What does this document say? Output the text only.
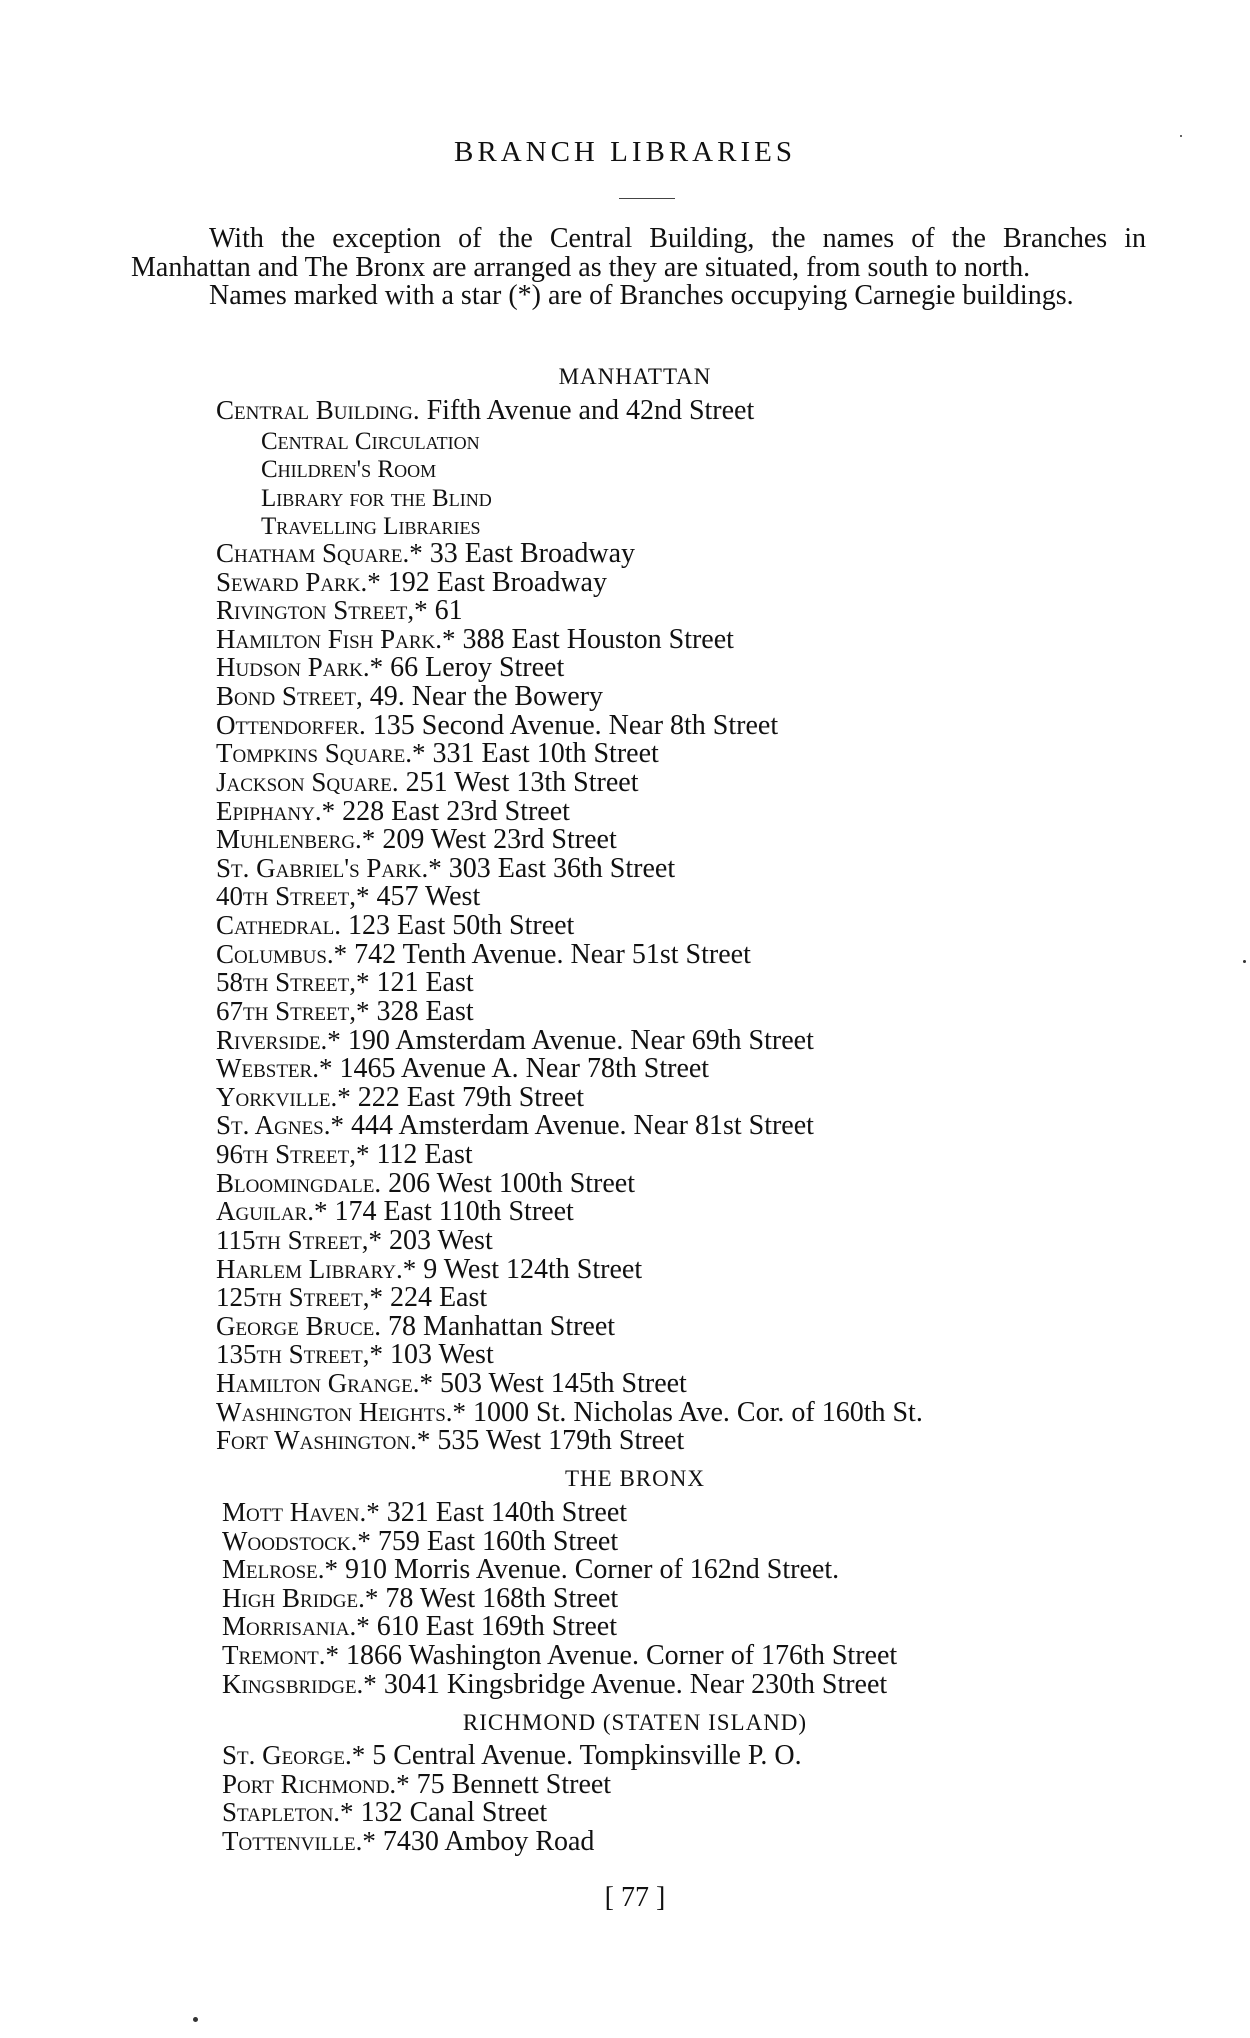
BRANCH LIBRARIES

With the exception of the Central Building, the names of the Branches in Manhattan and The Bronx are arranged as they are situated, from south to north.

Names marked with a star (*) are of Branches occupying Carnegie buildings.

MANHATTAN
Central Building. Fifth Avenue and 42nd Street
Central Circulation
Children's Room
Library for the Blind
Travelling Libraries
Chatham Square.* 33 East Broadway
Seward Park.* 192 East Broadway
Rivington Street,* 61
Hamilton Fish Park.* 388 East Houston Street
Hudson Park.* 66 Leroy Street
Bond Street, 49. Near the Bowery
Ottendorfer. 135 Second Avenue. Near 8th Street
Tompkins Square.* 331 East 10th Street
Jackson Square. 251 West 13th Street
Epiphany.* 228 East 23rd Street
Muhlenberg.* 209 West 23rd Street
St. Gabriel's Park.* 303 East 36th Street
40th Street,* 457 West
Cathedral. 123 East 50th Street
Columbus.* 742 Tenth Avenue. Near 51st Street
58th Street,* 121 East
67th Street,* 328 East
Riverside.* 190 Amsterdam Avenue. Near 69th Street
Webster.* 1465 Avenue A. Near 78th Street
Yorkville.* 222 East 79th Street
St. Agnes.* 444 Amsterdam Avenue. Near 81st Street
96th Street,* 112 East
Bloomingdale. 206 West 100th Street
Aguilar.* 174 East 110th Street
115th Street,* 203 West
Harlem Library.* 9 West 124th Street
125th Street,* 224 East
George Bruce. 78 Manhattan Street
135th Street,* 103 West
Hamilton Grange.* 503 West 145th Street
Washington Heights.* 1000 St. Nicholas Ave. Cor. of 160th St.
Fort Washington.* 535 West 179th Street
THE BRONX
Mott Haven.* 321 East 140th Street
Woodstock.* 759 East 160th Street
Melrose.* 910 Morris Avenue. Corner of 162nd Street.
High Bridge.* 78 West 168th Street
Morrisania.* 610 East 169th Street
Tremont.* 1866 Washington Avenue. Corner of 176th Street
Kingsbridge.* 3041 Kingsbridge Avenue. Near 230th Street
RICHMOND (STATEN ISLAND)
St. George.* 5 Central Avenue. Tompkinsville P. O.
Port Richmond.* 75 Bennett Street
Stapleton.* 132 Canal Street
Tottenville.* 7430 Amboy Road
[ 77 ]
